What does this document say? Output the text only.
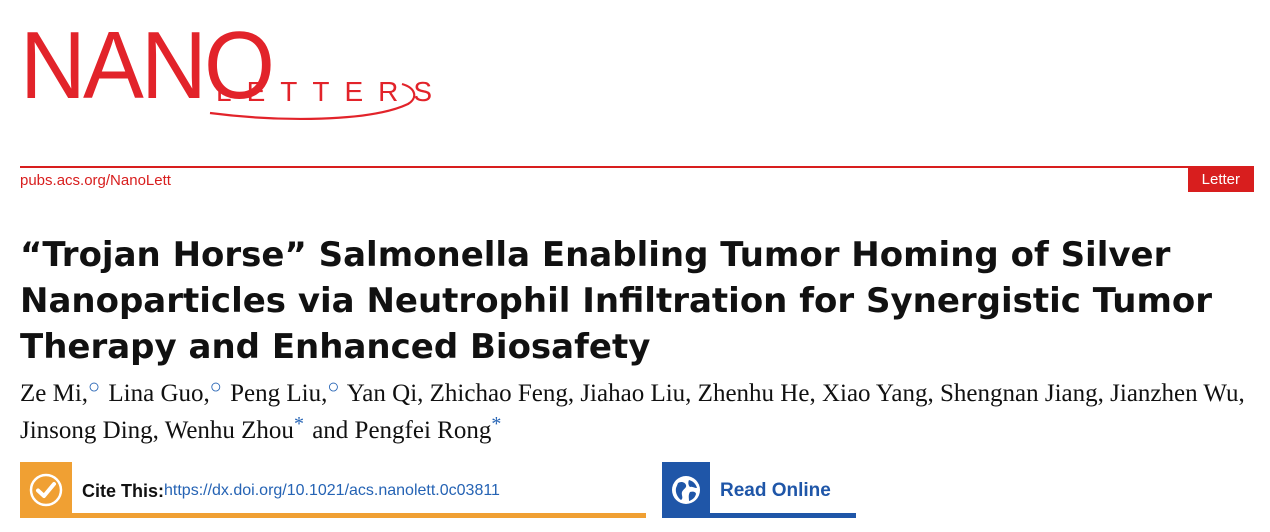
NANO
LETTERS
pubs.acs.org/NanoLett	Letter
“Trojan Horse” Salmonella Enabling Tumor Homing of Silver Nanoparticles via Neutrophil Infiltration for Synergistic Tumor Therapy and Enhanced Biosafety

Ze Mi,○ Lina Guo,○ Peng Liu,○ Yan Qi, Zhichao Feng, Jiahao Liu, Zhenhu He, Xiao Yang, Shengnan Jiang, Jianzhen Wu, Jinsong Ding, Wenhu Zhou* and Pengfei Rong*

Cite This: https://dx.doi.org/10.1021/acs.nanolett.0c03811	Read Online
